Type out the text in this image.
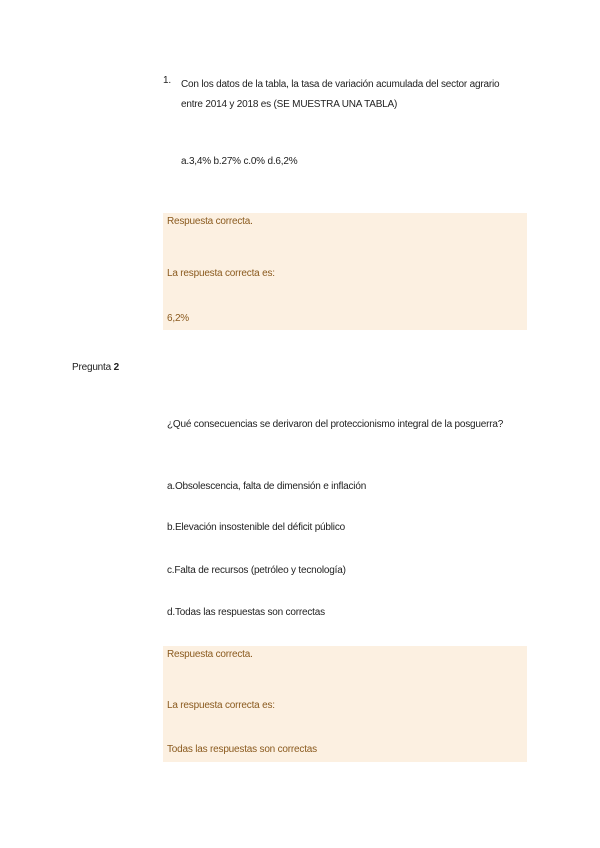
1. Con los datos de la tabla, la tasa de variación acumulada del sector agrario entre 2014 y 2018 es (SE MUESTRA UNA TABLA)
a.3,4% b.27% c.0% d.6,2%
Respuesta correcta.
La respuesta correcta es:
6,2%
Pregunta 2
¿Qué consecuencias se derivaron del proteccionismo integral de la posguerra?
a.Obsolescencia, falta de dimensión e inflación
b.Elevación insostenible del déficit público
c.Falta de recursos (petróleo y tecnología)
d.Todas las respuestas son correctas
Respuesta correcta.
La respuesta correcta es:
Todas las respuestas son correctas
